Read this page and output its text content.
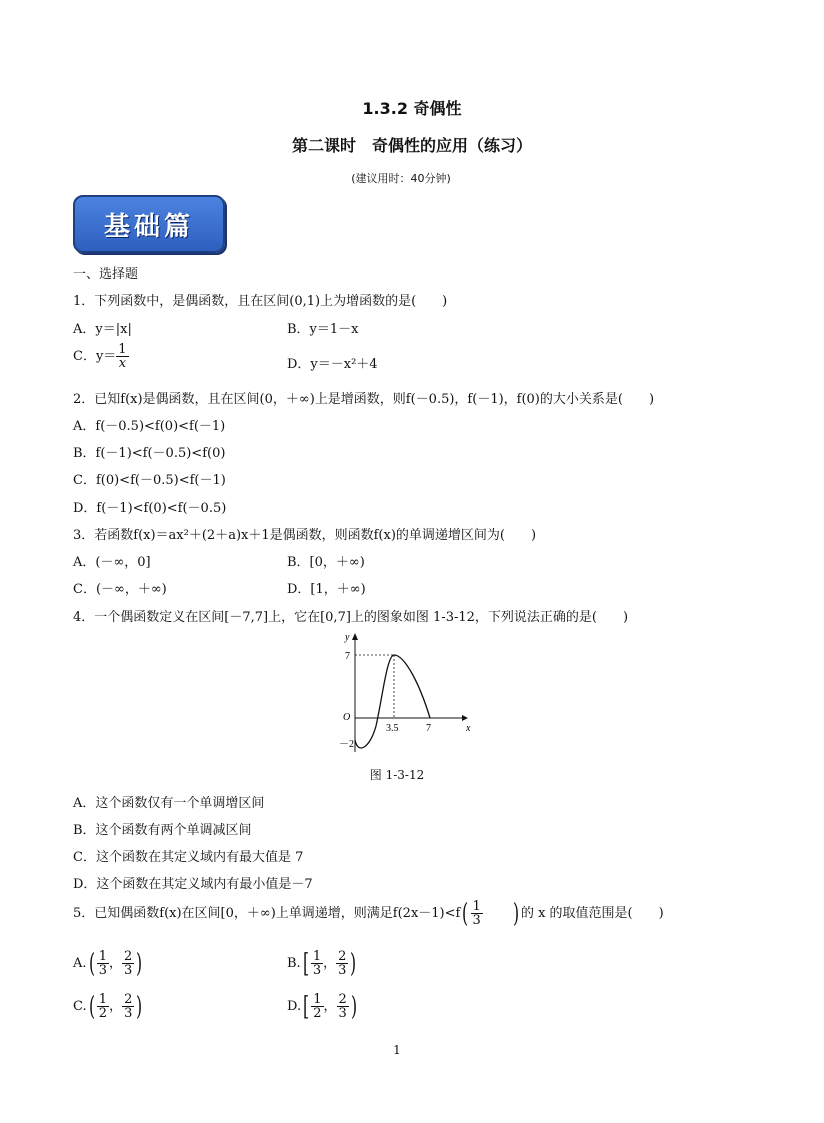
1.3.2 奇偶性
第二课时　奇偶性的应用（练习）
(建议用时：40分钟)
基础篇
一、选择题
1．下列函数中，是偶函数，且在区间(0,1)上为增函数的是(　　)
A．y＝|x|	B．y＝1－x
C．$y= \frac{1}{x}$	D．y＝－x²＋4
2．已知f(x)是偶函数，且在区间(0，＋∞)上是增函数，则f(－0.5)，f(－1)，f(0)的大小关系是(　　)
A．f(－0.5)<f(0)<f(－1)
B．f(－1)<f(－0.5)<f(0)
C．f(0)<f(－0.5)<f(－1)
D．f(－1)<f(0)<f(－0.5)
3．若函数f(x)＝ax²＋(2＋a)x＋1是偶函数，则函数f(x)的单调递增区间为(　　)
A．(－∞，0]	B．[0，＋∞)
C．(－∞，＋∞)	D．[1，＋∞)
4．一个偶函数定义在区间[－7,7]上，它在[0,7]上的图象如图 1-3-12，下列说法正确的是(　　)
y
x
O
7
－2
3.5	7
图 1-3-12
A．这个函数仅有一个单调增区间
B．这个函数有两个单调减区间
C．这个函数在其定义域内有最大值是 7
D．这个函数在其定义域内有最小值是－7
5．已知偶函数f(x)在区间[0，＋∞)上单调递增，则满足$f(2x-1)<f( \frac{1}{3}$ ) 的 x 的取值范围是(　　)
$A.( \frac{1}{3}$ ， $\frac{2}{3}$ )	$B.[ \frac{1}{3}$ ， $\frac{2}{3}$ )
$C.( \frac{1}{2}$ ， $\frac{2}{3}$ )	$D.[ \frac{1}{2}$ ， $\frac{2}{3}$ )
1
